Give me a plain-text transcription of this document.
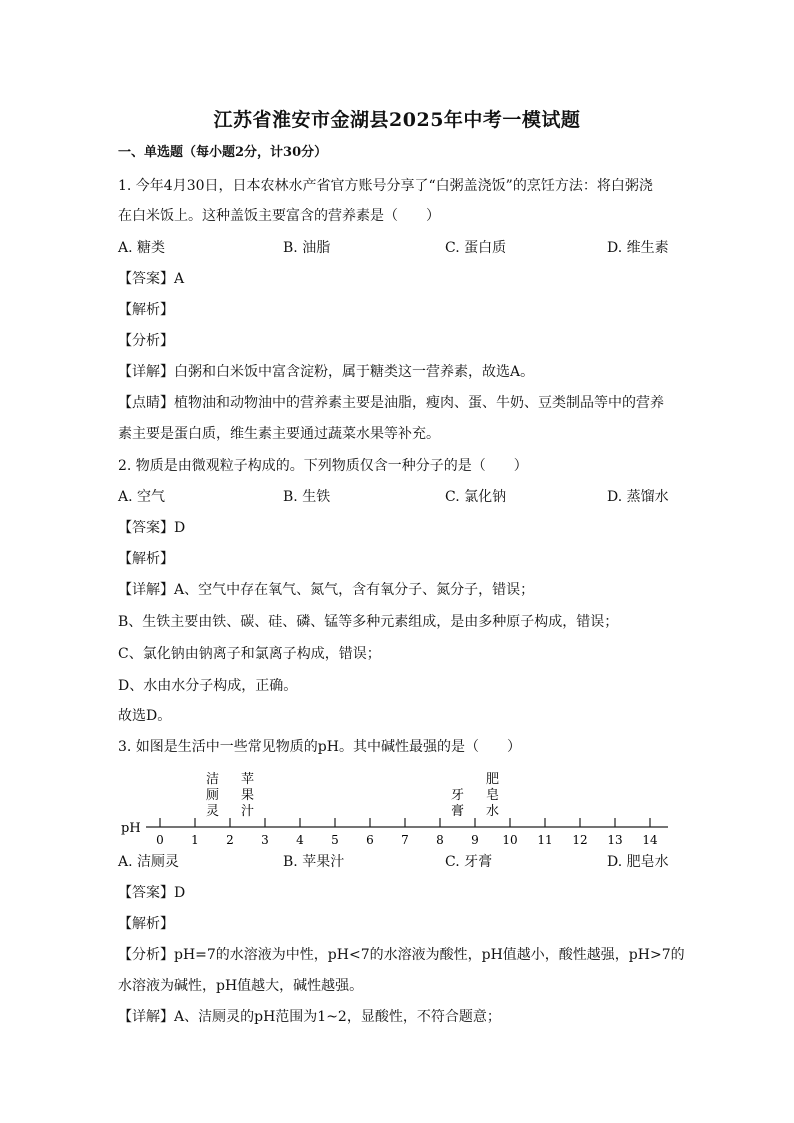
江苏省淮安市金湖县2025年中考一模试题
一、单选题（每小题2分，计30分）
1. 今年4月30日，日本农林水产省官方账号分享了“白粥盖浇饭”的烹饪方法：将白粥浇
在白米饭上。这种盖饭主要富含的营养素是（　　）
A. 糖类	B. 油脂	C. 蛋白质	D. 维生素
【答案】A
【解析】
【分析】
【详解】白粥和白米饭中富含淀粉，属于糖类这一营养素，故选A。
【点睛】植物油和动物油中的营养素主要是油脂，瘦肉、蛋、牛奶、豆类制品等中的营养
素主要是蛋白质，维生素主要通过蔬菜水果等补充。
2. 物质是由微观粒子构成的。下列物质仅含一种分子的是（　　）
A. 空气	B. 生铁	C. 氯化钠	D. 蒸馏水
【答案】D
【解析】
【详解】A、空气中存在氧气、氮气，含有氧分子、氮分子，错误；
B、生铁主要由铁、碳、硅、磷、锰等多种元素组成，是由多种原子构成，错误；
C、氯化钠由钠离子和氯离子构成，错误；
D、水由水分子构成，正确。
故选D。
3. 如图是生活中一些常见物质的pH。其中碱性最强的是（　　）
pH
0 1 2 3 4 5 6 7 8 9 10 11 12 13 14
洁
厕
灵
苹
果
汁
牙
膏
肥
皂
水
A. 洁厕灵	B. 苹果汁	C. 牙膏	D. 肥皂水
【答案】D
【解析】
【分析】pH=7的水溶液为中性，pH<7的水溶液为酸性，pH值越小，酸性越强，pH>7的
水溶液为碱性，pH值越大，碱性越强。
【详解】A、洁厕灵的pH范围为1~2，显酸性，不符合题意；
